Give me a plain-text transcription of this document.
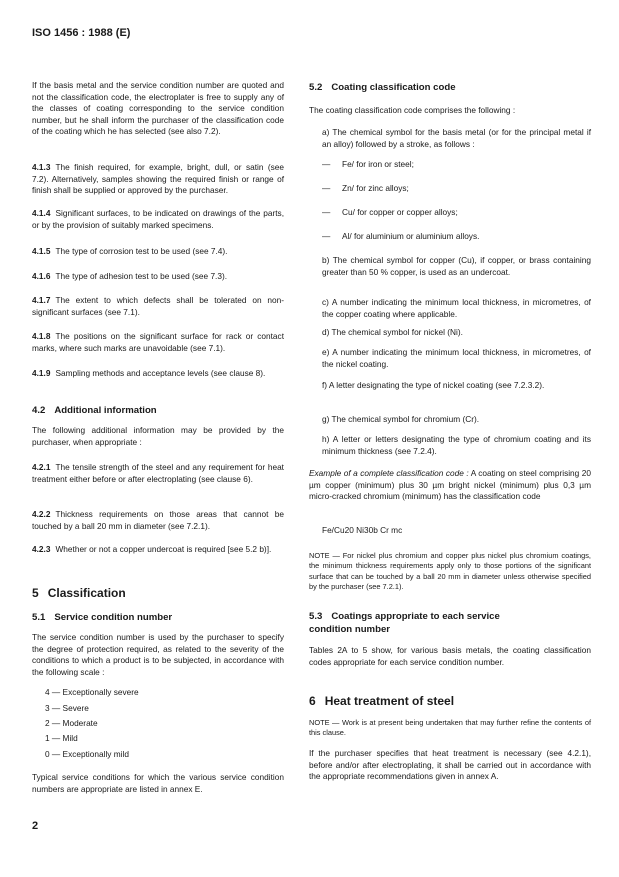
ISO 1456 : 1988 (E)

If the basis metal and the service condition number are quoted and not the classification code, the electroplater is free to supply any of the classes of coating corresponding to the service condition number, but he shall inform the purchaser of the classification code of the coating which he has selected (see also 7.2).

4.1.3 The finish required, for example, bright, dull, or satin (see 7.2). Alternatively, samples showing the required finish or range of finish shall be supplied or approved by the purchaser.

4.1.4 Significant surfaces, to be indicated on drawings of the parts, or by the provision of suitably marked specimens.

4.1.5 The type of corrosion test to be used (see 7.4).

4.1.6 The type of adhesion test to be used (see 7.3).

4.1.7 The extent to which defects shall be tolerated on non-significant surfaces (see 7.1).

4.1.8 The positions on the significant surface for rack or contact marks, where such marks are unavoidable (see 7.1).

4.1.9 Sampling methods and acceptance levels (see clause 8).

4.2 Additional information

The following additional information may be provided by the purchaser, when appropriate :

4.2.1 The tensile strength of the steel and any requirement for heat treatment either before or after electroplating (see clause 6).

4.2.2 Thickness requirements on those areas that cannot be touched by a ball 20 mm in diameter (see 7.2.1).

4.2.3 Whether or not a copper undercoat is required [see 5.2 b)].

5 Classification

5.1 Service condition number

The service condition number is used by the purchaser to specify the degree of protection required, as related to the severity of the conditions to which a product is to be subjected, in accordance with the following scale :

4 — Exceptionally severe

3 — Severe

2 — Moderate

1 — Mild

0 — Exceptionally mild

Typical service conditions for which the various service condition numbers are appropriate are listed in annex E.

2

5.2 Coating classification code

The coating classification code comprises the following :

a) The chemical symbol for the basis metal (or for the principal metal if an alloy) followed by a stroke, as follows :

— Fe/ for iron or steel;

— Zn/ for zinc alloys;

— Cu/ for copper or copper alloys;

— Al/ for aluminium or aluminium alloys.

b) The chemical symbol for copper (Cu), if copper, or brass containing greater than 50 % copper, is used as an undercoat.

c) A number indicating the minimum local thickness, in micrometres, of the copper coating where applicable.

d) The chemical symbol for nickel (Ni).

e) A number indicating the minimum local thickness, in micrometres, of the nickel coating.

f) A letter designating the type of nickel coating (see 7.2.3.2).

g) The chemical symbol for chromium (Cr).

h) A letter or letters designating the type of chromium coating and its minimum thickness (see 7.2.4).

Example of a complete classification code : A coating on steel comprising 20 µm copper (minimum) plus 30 µm bright nickel (minimum) plus 0,3 µm micro-cracked chromium (minimum) has the classification code

Fe/Cu20 Ni30b Cr mc

NOTE — For nickel plus chromium and copper plus nickel plus chromium coatings, the minimum thickness requirements apply only to those portions of the significant surface that can be touched by a ball 20 mm in diameter unless otherwise specified by the purchaser (see 7.2.1).

5.3 Coatings appropriate to each service
condition number

Tables 2A to 5 show, for various basis metals, the coating classification codes appropriate for each service condition number.

6 Heat treatment of steel

NOTE — Work is at present being undertaken that may further refine the contents of this clause.

If the purchaser specifies that heat treatment is necessary (see 4.2.1), before and/or after electroplating, it shall be carried out in accordance with the appropriate recommendations given in annex A.
